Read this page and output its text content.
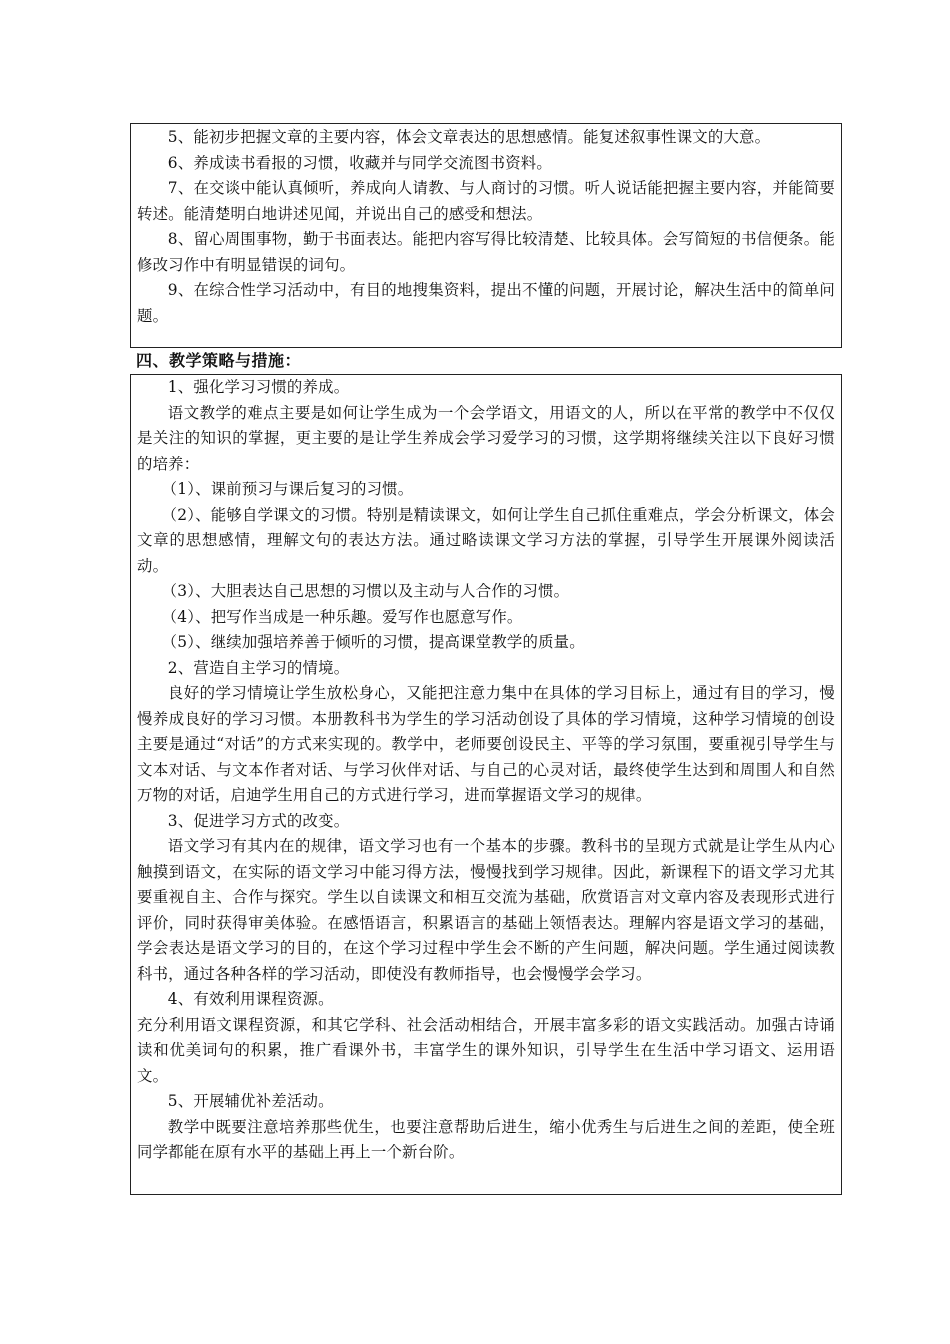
5、能初步把握文章的主要内容，体会文章表达的思想感情。能复述叙事性课文的大意。

6、养成读书看报的习惯，收藏并与同学交流图书资料。

7、在交谈中能认真倾听，养成向人请教、与人商讨的习惯。听人说话能把握主要内容，并能简要转述。能清楚明白地讲述见闻，并说出自己的感受和想法。

8、留心周围事物，勤于书面表达。能把内容写得比较清楚、比较具体。会写简短的书信便条。能修改习作中有明显错误的词句。

9、在综合性学习活动中，有目的地搜集资料，提出不懂的问题，开展讨论，解决生活中的简单问题。

四、教学策略与措施：

1、强化学习习惯的养成。

语文教学的难点主要是如何让学生成为一个会学语文，用语文的人，所以在平常的教学中不仅仅是关注的知识的掌握，更主要的是让学生养成会学习爱学习的习惯，这学期将继续关注以下良好习惯的培养：

（1）、课前预习与课后复习的习惯。

（2）、能够自学课文的习惯。特别是精读课文，如何让学生自己抓住重难点，学会分析课文，体会文章的思想感情，理解文句的表达方法。通过略读课文学习方法的掌握，引导学生开展课外阅读活动。

（3）、大胆表达自己思想的习惯以及主动与人合作的习惯。

（4）、把写作当成是一种乐趣。爱写作也愿意写作。

（5）、继续加强培养善于倾听的习惯，提高课堂教学的质量。

2、营造自主学习的情境。

良好的学习情境让学生放松身心，又能把注意力集中在具体的学习目标上，通过有目的学习，慢慢养成良好的学习习惯。本册教科书为学生的学习活动创设了具体的学习情境，这种学习情境的创设主要是通过“对话”的方式来实现的。教学中，老师要创设民主、平等的学习氛围，要重视引导学生与文本对话、与文本作者对话、与学习伙伴对话、与自己的心灵对话，最终使学生达到和周围人和自然万物的对话，启迪学生用自己的方式进行学习，进而掌握语文学习的规律。

3、促进学习方式的改变。

语文学习有其内在的规律，语文学习也有一个基本的步骤。教科书的呈现方式就是让学生从内心触摸到语文，在实际的语文学习中能习得方法，慢慢找到学习规律。因此，新课程下的语文学习尤其要重视自主、合作与探究。学生以自读课文和相互交流为基础，欣赏语言对文章内容及表现形式进行评价，同时获得审美体验。在感悟语言，积累语言的基础上领悟表达。理解内容是语文学习的基础，学会表达是语文学习的目的，在这个学习过程中学生会不断的产生问题，解决问题。学生通过阅读教科书，通过各种各样的学习活动，即使没有教师指导，也会慢慢学会学习。

4、有效利用课程资源。

充分利用语文课程资源，和其它学科、社会活动相结合，开展丰富多彩的语文实践活动。加强古诗诵读和优美词句的积累，推广看课外书，丰富学生的课外知识，引导学生在生活中学习语文、运用语文。

5、开展辅优补差活动。

教学中既要注意培养那些优生，也要注意帮助后进生，缩小优秀生与后进生之间的差距，使全班同学都能在原有水平的基础上再上一个新台阶。
